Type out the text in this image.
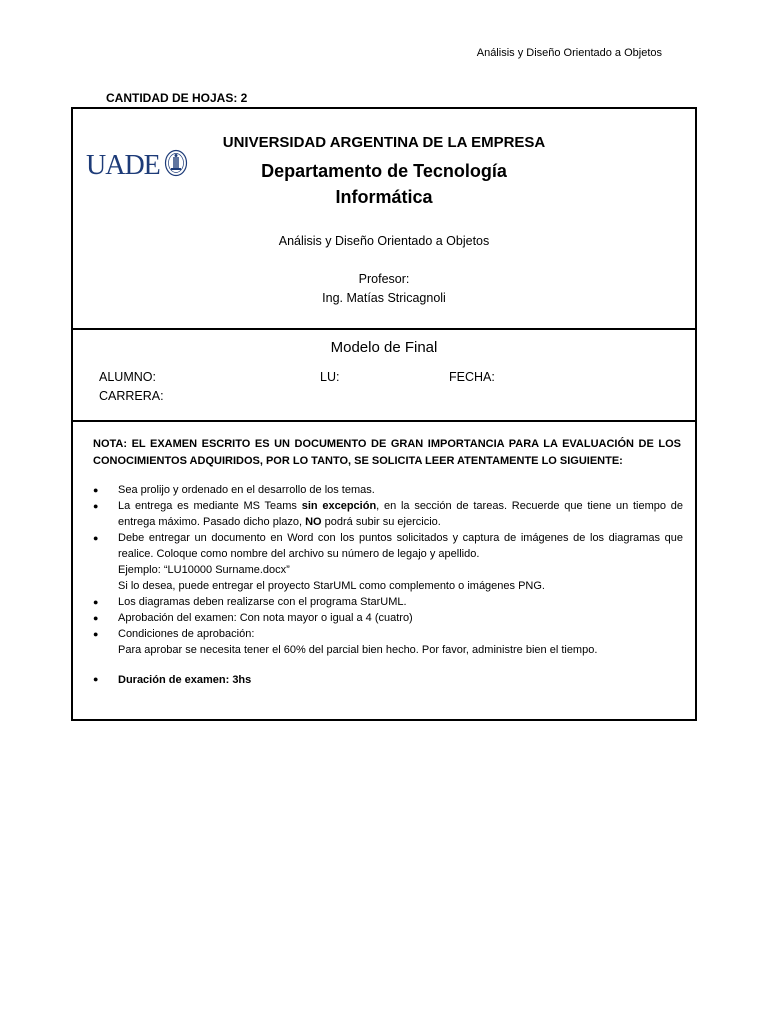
Análisis y Diseño Orientado a Objetos
CANTIDAD DE HOJAS: 2
UADE
UNIVERSIDAD ARGENTINA DE LA EMPRESA
Departamento de Tecnología
Informática
Análisis y Diseño Orientado a Objetos
Profesor:
Ing. Matías Stricagnoli
Modelo de Final
ALUMNO:	LU:	FECHA:
CARRERA:
NOTA: EL EXAMEN ESCRITO ES UN DOCUMENTO DE GRAN IMPORTANCIA PARA LA EVALUACIÓN DE LOS CONOCIMIENTOS ADQUIRIDOS, POR LO TANTO, SE SOLICITA LEER ATENTAMENTE LO SIGUIENTE:
● Sea prolijo y ordenado en el desarrollo de los temas.
● La entrega es mediante MS Teams sin excepción, en la sección de tareas. Recuerde que tiene un tiempo de entrega máximo. Pasado dicho plazo, NO podrá subir su ejercicio.
● Debe entregar un documento en Word con los puntos solicitados y captura de imágenes de los diagramas que realice. Coloque como nombre del archivo su número de legajo y apellido.
Ejemplo: “LU10000 Surname.docx”
Si lo desea, puede entregar el proyecto StarUML como complemento o imágenes PNG.
● Los diagramas deben realizarse con el programa StarUML.
● Aprobación del examen: Con nota mayor o igual a 4 (cuatro)
● Condiciones de aprobación:
Para aprobar se necesita tener el 60% del parcial bien hecho. Por favor, administre bien el tiempo.
● Duración de examen: 3hs
